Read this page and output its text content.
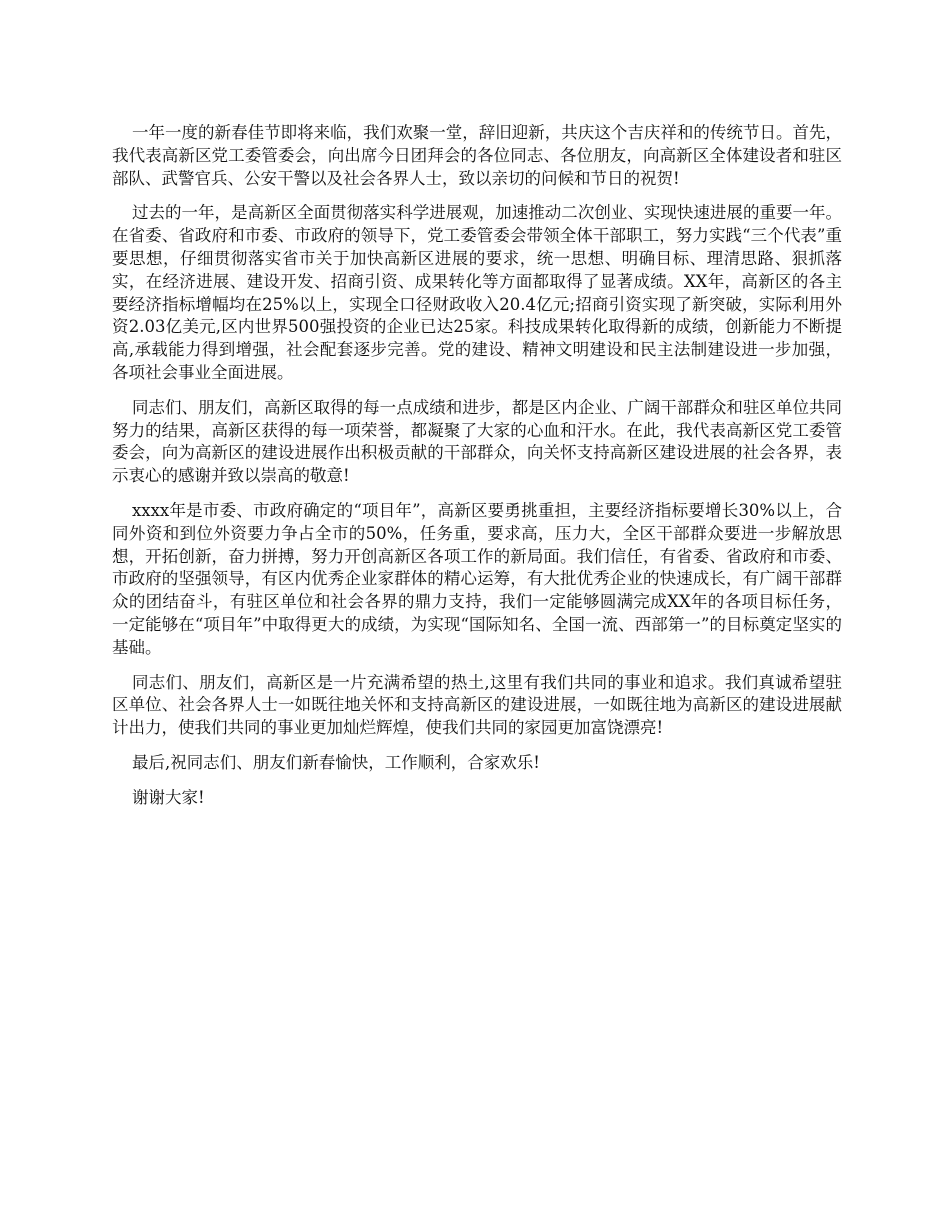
一年一度的新春佳节即将来临，我们欢聚一堂，辞旧迎新，共庆这个吉庆祥和的传统节日。首先，我代表高新区党工委管委会，向出席今日团拜会的各位同志、各位朋友，向高新区全体建设者和驻区部队、武警官兵、公安干警以及社会各界人士，致以亲切的问候和节日的祝贺!

过去的一年，是高新区全面贯彻落实科学进展观，加速推动二次创业、实现快速进展的重要一年。在省委、省政府和市委、市政府的领导下，党工委管委会带领全体干部职工，努力实践“三个代表”重要思想，仔细贯彻落实省市关于加快高新区进展的要求，统一思想、明确目标、理清思路、狠抓落实，在经济进展、建设开发、招商引资、成果转化等方面都取得了显著成绩。XX年，高新区的各主要经济指标增幅均在25%以上，实现全口径财政收入20.4亿元;招商引资实现了新突破，实际利用外资2.03亿美元,区内世界500强投资的企业已达25家。科技成果转化取得新的成绩，创新能力不断提高,承载能力得到增强，社会配套逐步完善。党的建设、精神文明建设和民主法制建设进一步加强，各项社会事业全面进展。

同志们、朋友们，高新区取得的每一点成绩和进步，都是区内企业、广阔干部群众和驻区单位共同努力的结果，高新区获得的每一项荣誉，都凝聚了大家的心血和汗水。在此，我代表高新区党工委管委会，向为高新区的建设进展作出积极贡献的干部群众，向关怀支持高新区建设进展的社会各界，表示衷心的感谢并致以崇高的敬意!

xxxx年是市委、市政府确定的“项目年”，高新区要勇挑重担，主要经济指标要增长30%以上，合同外资和到位外资要力争占全市的50%，任务重，要求高，压力大，全区干部群众要进一步解放思想，开拓创新，奋力拼搏，努力开创高新区各项工作的新局面。我们信任，有省委、省政府和市委、市政府的坚强领导，有区内优秀企业家群体的精心运筹，有大批优秀企业的快速成长，有广阔干部群众的团结奋斗，有驻区单位和社会各界的鼎力支持，我们一定能够圆满完成XX年的各项目标任务，一定能够在“项目年”中取得更大的成绩，为实现“国际知名、全国一流、西部第一”的目标奠定坚实的基础。

同志们、朋友们，高新区是一片充满希望的热土,这里有我们共同的事业和追求。我们真诚希望驻区单位、社会各界人士一如既往地关怀和支持高新区的建设进展，一如既往地为高新区的建设进展献计出力，使我们共同的事业更加灿烂辉煌，使我们共同的家园更加富饶漂亮!

最后,祝同志们、朋友们新春愉快，工作顺利，合家欢乐!

谢谢大家!
